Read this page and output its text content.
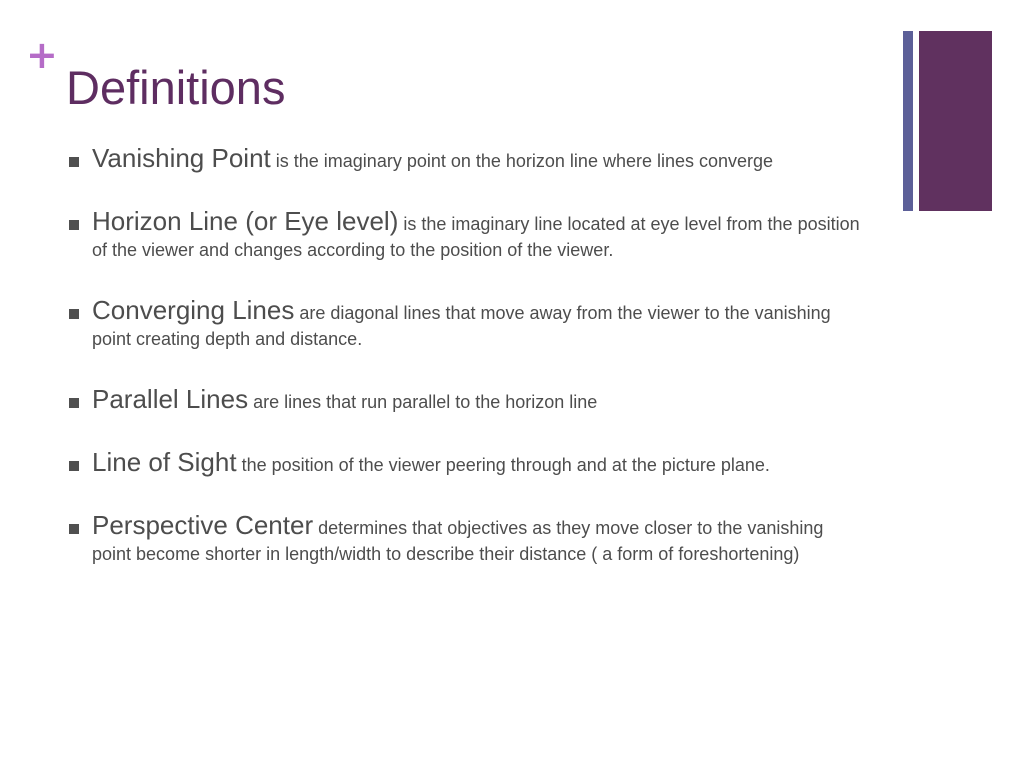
+
Definitions
Vanishing Point is the imaginary point on the horizon line where lines converge
Horizon Line (or Eye level) is the imaginary line located at eye level from the position of the viewer and changes according to the position of the viewer.
Converging Lines are diagonal lines that move away from the viewer to the vanishing point creating depth and distance.
Parallel Lines are lines that run parallel to the horizon line
Line of Sight the position of the viewer peering through and at the picture plane.
Perspective Center determines that objectives as they move closer to the vanishing point become shorter in length/width to describe their distance ( a form of foreshortening)
